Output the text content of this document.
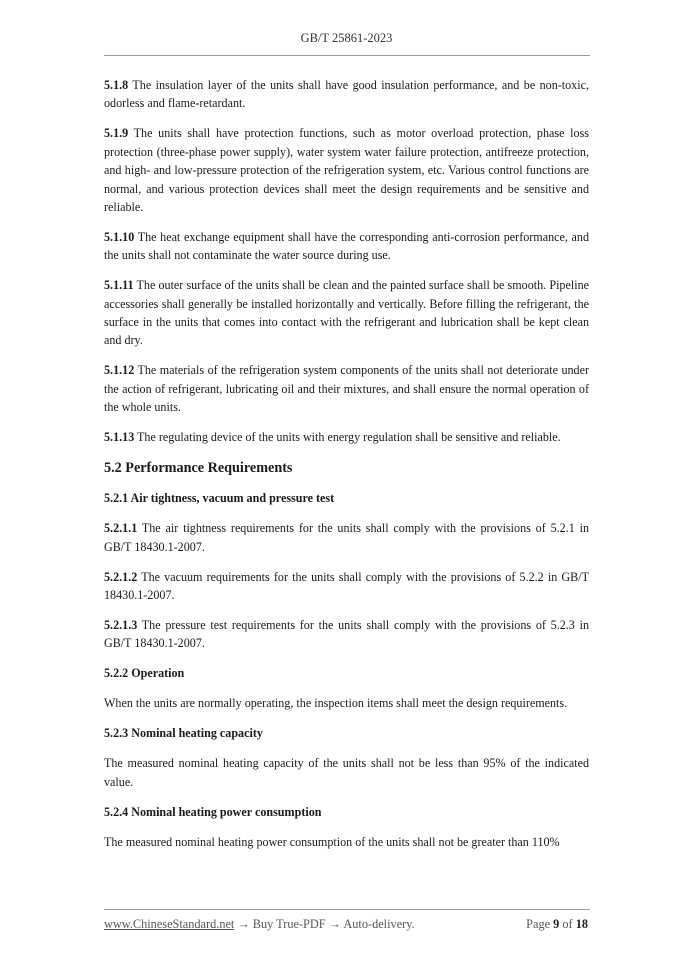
GB/T 25861-2023

5.1.8 The insulation layer of the units shall have good insulation performance, and be non-toxic, odorless and flame-retardant.

5.1.9 The units shall have protection functions, such as motor overload protection, phase loss protection (three-phase power supply), water system water failure protection, antifreeze protection, and high- and low-pressure protection of the refrigeration system, etc. Various control functions are normal, and various protection devices shall meet the design requirements and be sensitive and reliable.

5.1.10 The heat exchange equipment shall have the corresponding anti-corrosion performance, and the units shall not contaminate the water source during use.

5.1.11 The outer surface of the units shall be clean and the painted surface shall be smooth. Pipeline accessories shall generally be installed horizontally and vertically. Before filling the refrigerant, the surface in the units that comes into contact with the refrigerant and lubrication shall be kept clean and dry.

5.1.12 The materials of the refrigeration system components of the units shall not deteriorate under the action of refrigerant, lubricating oil and their mixtures, and shall ensure the normal operation of the whole units.

5.1.13 The regulating device of the units with energy regulation shall be sensitive and reliable.

5.2 Performance Requirements
5.2.1 Air tightness, vacuum and pressure test

5.2.1.1 The air tightness requirements for the units shall comply with the provisions of 5.2.1 in GB/T 18430.1-2007.

5.2.1.2 The vacuum requirements for the units shall comply with the provisions of 5.2.2 in GB/T 18430.1-2007.

5.2.1.3 The pressure test requirements for the units shall comply with the provisions of 5.2.3 in GB/T 18430.1-2007.

5.2.2 Operation

When the units are normally operating, the inspection items shall meet the design requirements.

5.2.3 Nominal heating capacity

The measured nominal heating capacity of the units shall not be less than 95% of the indicated value.

5.2.4 Nominal heating power consumption

The measured nominal heating power consumption of the units shall not be greater than 110%

www.ChineseStandard.net → Buy True-PDF → Auto-delivery.	Page 9 of 18
